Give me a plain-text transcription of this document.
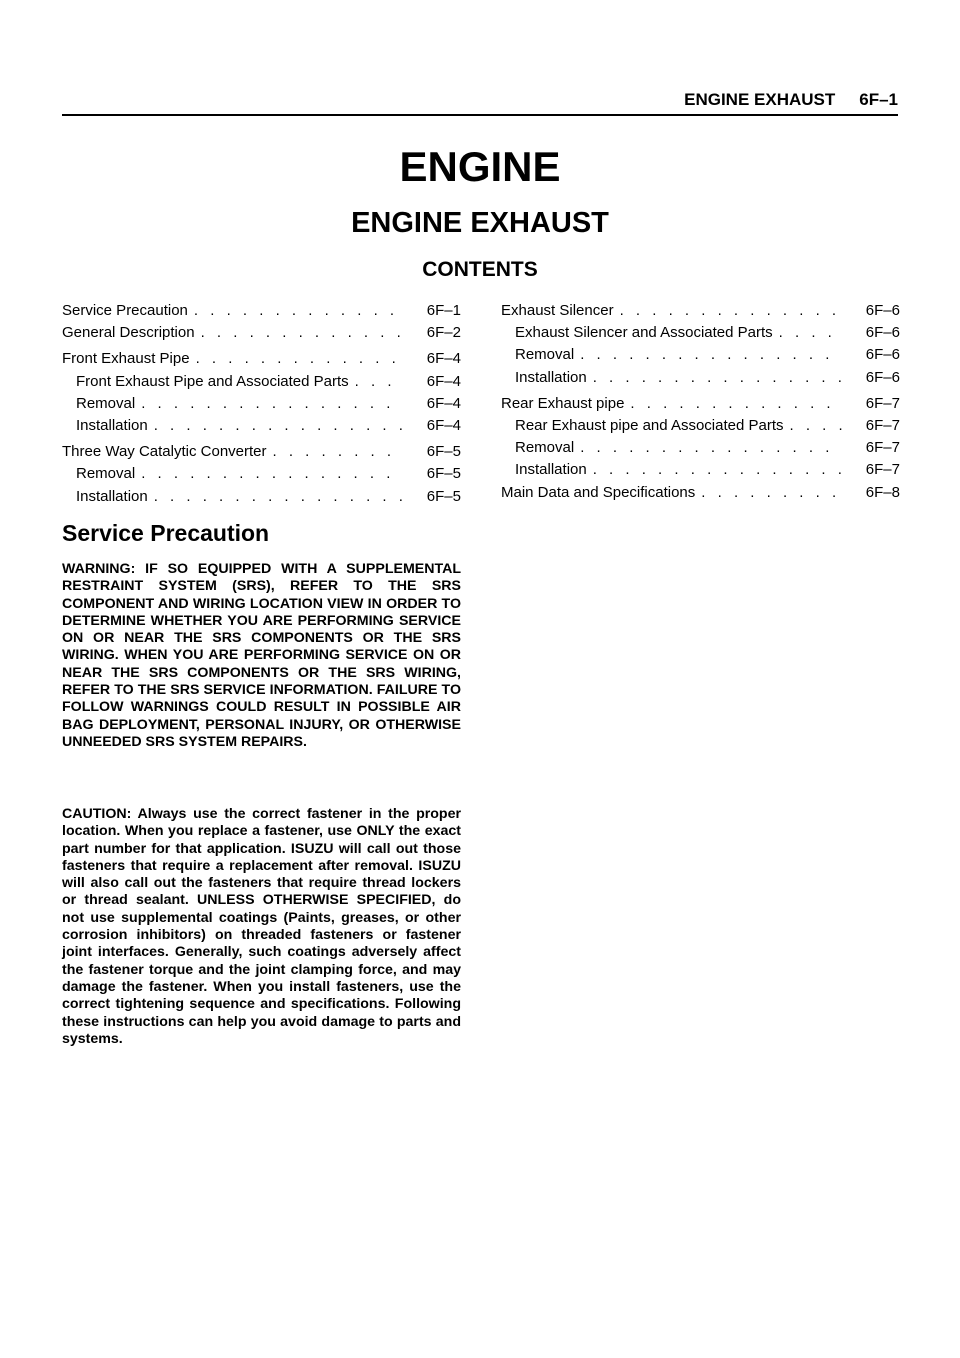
ENGINE EXHAUST 6F–1
ENGINE
ENGINE EXHAUST
CONTENTS
Service Precaution . . .	6F–1
General Description . . .	6F–2
Front Exhaust Pipe . . .	6F–4
Front Exhaust Pipe and Associated Parts . . .	6F–4
Removal . . .	6F–4
Installation . . .	6F–4
Three Way Catalytic Converter . . .	6F–5
Removal . . .	6F–5
Installation . . .	6F–5
Exhaust Silencer . . .	6F–6
Exhaust Silencer and Associated Parts . . .	6F–6
Removal . . .	6F–6
Installation . . .	6F–6
Rear Exhaust pipe . . .	6F–7
Rear Exhaust pipe and Associated Parts . . .	6F–7
Removal . . .	6F–7
Installation . . .	6F–7
Main Data and Specifications . . .	6F–8
Service Precaution
WARNING: IF SO EQUIPPED WITH A SUPPLEMENTAL RESTRAINT SYSTEM (SRS), REFER TO THE SRS COMPONENT AND WIRING LOCATION VIEW IN ORDER TO DETERMINE WHETHER YOU ARE PERFORMING SERVICE ON OR NEAR THE SRS COMPONENTS OR THE SRS WIRING. WHEN YOU ARE PERFORMING SERVICE ON OR NEAR THE SRS COMPONENTS OR THE SRS WIRING, REFER TO THE SRS SERVICE INFORMATION. FAILURE TO FOLLOW WARNINGS COULD RESULT IN POSSIBLE AIR BAG DEPLOYMENT, PERSONAL INJURY, OR OTHERWISE UNNEEDED SRS SYSTEM REPAIRS.
CAUTION: Always use the correct fastener in the proper location. When you replace a fastener, use ONLY the exact part number for that application. ISUZU will call out those fasteners that require a replacement after removal. ISUZU will also call out the fasteners that require thread lockers or thread sealant. UNLESS OTHERWISE SPECIFIED, do not use supplemental coatings (Paints, greases, or other corrosion inhibitors) on threaded fasteners or fastener joint interfaces. Generally, such coatings adversely affect the fastener torque and the joint clamping force, and may damage the fastener. When you install fasteners, use the correct tightening sequence and specifications. Following these instructions can help you avoid damage to parts and systems.
